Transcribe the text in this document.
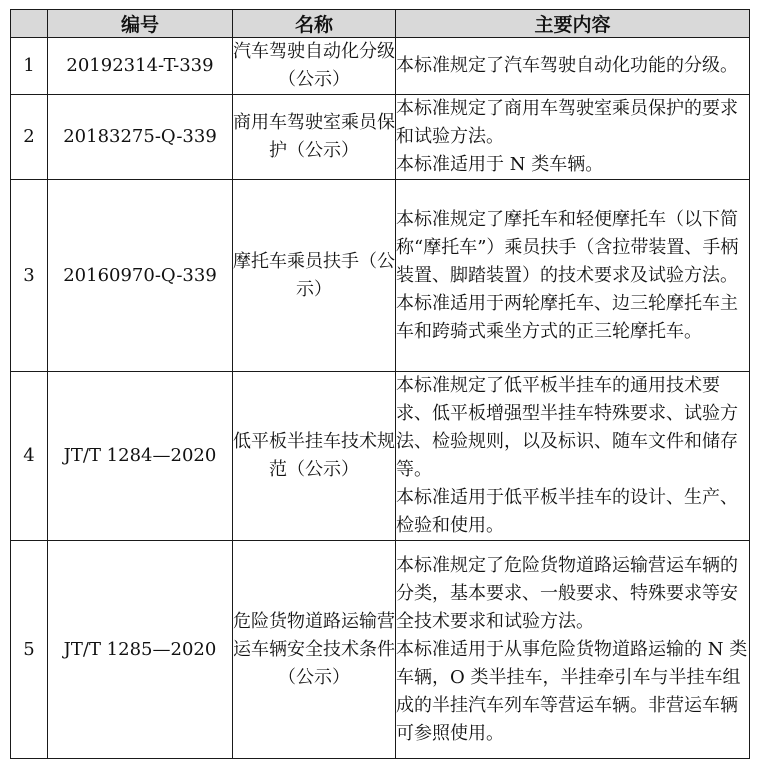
	编号	名称	主要内容
1	20192314-T-339	汽车驾驶自动化分级（公示）	本标准规定了汽车驾驶自动化功能的分级。

2	20183275-Q-339	商用车驾驶室乘员保护（公示）	本标准规定了商用车驾驶室乘员保护的要求和试验方法。

本标准适用于 N 类车辆。

3	20160970-Q-339	摩托车乘员扶手（公示）	本标准规定了摩托车和轻便摩托车（以下简称“摩托车”）乘员扶手（含拉带装置、手柄装置、脚踏装置）的技术要求及试验方法。

本标准适用于两轮摩托车、边三轮摩托车主车和跨骑式乘坐方式的正三轮摩托车。

4	JT/T 1284—2020	低平板半挂车技术规范（公示）	本标准规定了低平板半挂车的通用技术要求、低平板增强型半挂车特殊要求、试验方法、检验规则，以及标识、随车文件和储存等。

本标准适用于低平板半挂车的设计、生产、检验和使用。

5	JT/T 1285—2020	危险货物道路运输营运车辆安全技术条件（公示）	本标准规定了危险货物道路运输营运车辆的分类，基本要求、一般要求、特殊要求等安全技术要求和试验方法。

本标准适用于从事危险货物道路运输的 N 类车辆，O 类半挂车，半挂牵引车与半挂车组成的半挂汽车列车等营运车辆。非营运车辆可参照使用。
